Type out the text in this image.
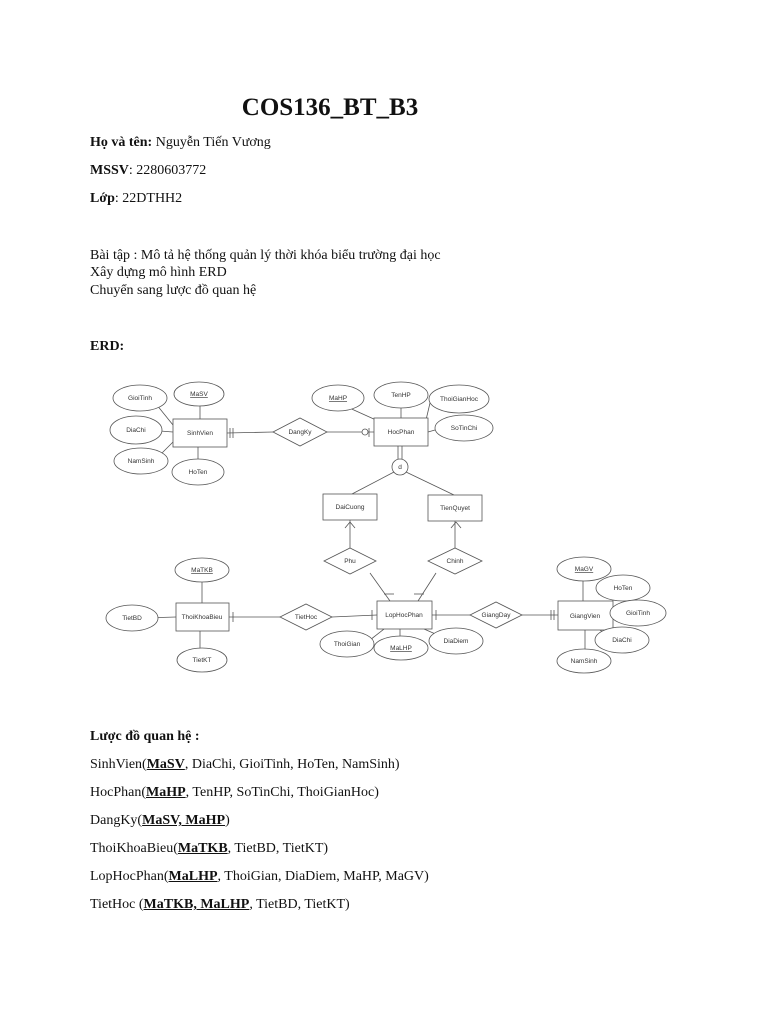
COS136_BT_B3
Họ và tên: Nguyễn Tiến Vương
MSSV: 2280603772
Lớp: 22DTHH2
Bài tập : Mô tả hệ thống quản lý thời khóa biểu trường đại học
Xây dựng mô hình ERD
Chuyển sang lược đồ quan hệ
ERD:
GioiTinh
MaSV
DiaChi
NamSinh
HoTen
SinhVien	DangKy
MaHP	TenHP
ThoiGianHoc
SoTinChi
HocPhan
d
DaiCuong	TienQuyet
Phu	Chinh
MaTKB
TietBD
TietKT
ThoiKhoaBieu	TietHoc	LopHocPhan
ThoiGian
MaLHP
DiaDiem
GiangDay	GiangVien
MaGV
HoTen
GioiTinh
DiaChi
NamSinh
Lược đồ quan hệ :
SinhVien(MaSV, DiaChi, GioiTinh, HoTen, NamSinh)
HocPhan(MaHP, TenHP, SoTinChi, ThoiGianHoc)
DangKy(MaSV, MaHP)
ThoiKhoaBieu(MaTKB, TietBD, TietKT)
LopHocPhan(MaLHP, ThoiGian, DiaDiem, MaHP, MaGV)
TietHoc (MaTKB, MaLHP, TietBD, TietKT)
